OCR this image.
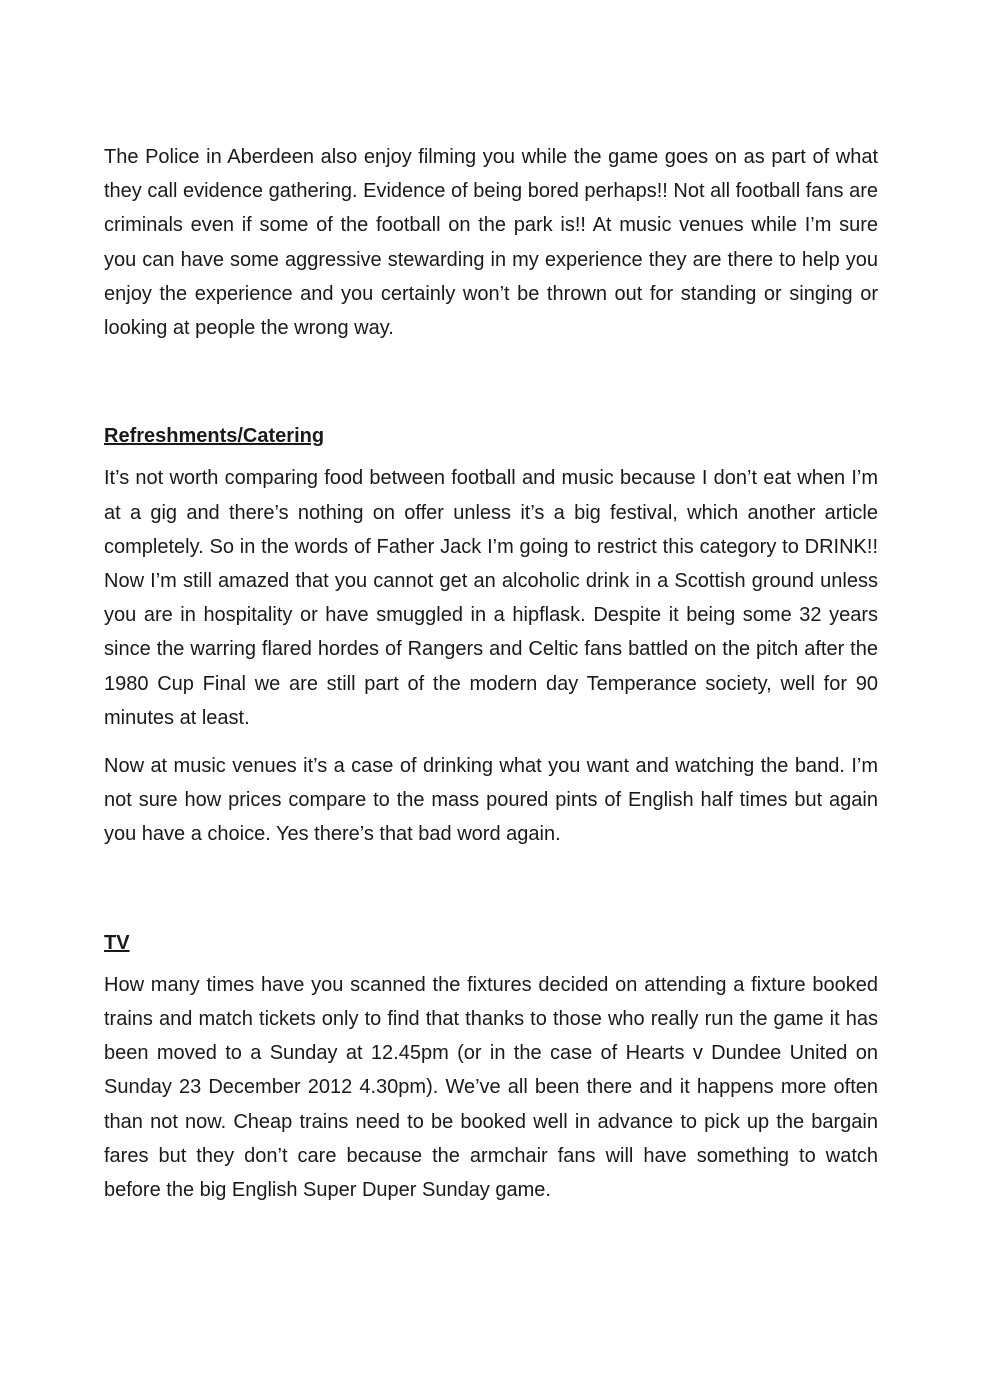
The Police in Aberdeen also enjoy filming you while the game goes on as part of what they call evidence gathering. Evidence of being bored perhaps!! Not all football fans are criminals even if some of the football on the park is!! At music venues while I’m sure you can have some aggressive stewarding in my experience they are there to help you enjoy the experience and you certainly won’t be thrown out for standing or singing or looking at people the wrong way.

Refreshments/Catering

It’s not worth comparing food between football and music because I don’t eat when I’m at a gig and there’s nothing on offer unless it’s a big festival, which another article completely. So in the words of Father Jack I’m going to restrict this category to DRINK!! Now I’m still amazed that you cannot get an alcoholic drink in a Scottish ground unless you are in hospitality or have smuggled in a hipflask. Despite it being some 32 years since the warring flared hordes of Rangers and Celtic fans battled on the pitch after the 1980 Cup Final we are still part of the modern day Temperance society, well for 90 minutes at least.

Now at music venues it’s a case of drinking what you want and watching the band. I’m not sure how prices compare to the mass poured pints of English half times but again you have a choice. Yes there’s that bad word again.

TV

How many times have you scanned the fixtures decided on attending a fixture booked trains and match tickets only to find that thanks to those who really run the game it has been moved to a Sunday at 12.45pm (or in the case of Hearts v Dundee United on Sunday 23 December 2012 4.30pm). We’ve all been there and it happens more often than not now. Cheap trains need to be booked well in advance to pick up the bargain fares but they don’t care because the armchair fans will have something to watch before the big English Super Duper Sunday game.
